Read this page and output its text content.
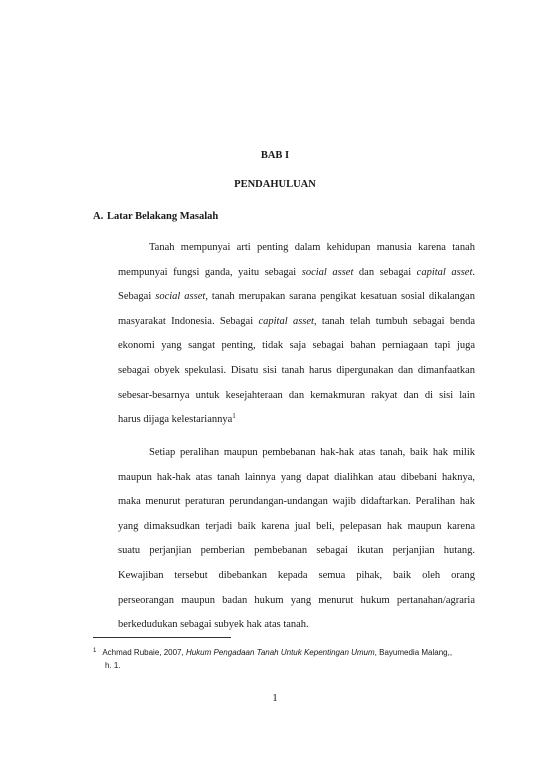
BAB I
PENDAHULUAN
A. Latar Belakang Masalah
Tanah mempunyai arti penting dalam kehidupan manusia karena tanah
mempunyai fungsi ganda, yaitu sebagai social asset dan sebagai capital asset.
Sebagai social asset, tanah merupakan sarana pengikat kesatuan sosial dikalangan
masyarakat Indonesia. Sebagai capital asset, tanah telah tumbuh sebagai benda
ekonomi yang sangat penting, tidak saja sebagai bahan perniagaan tapi juga
sebagai obyek spekulasi. Disatu sisi tanah harus dipergunakan dan dimanfaatkan
sebesar-besarnya untuk kesejahteraan dan kemakmuran rakyat dan di sisi lain
harus dijaga kelestariannya$^1$
Setiap peralihan maupun pembebanan hak-hak atas tanah, baik hak milik
maupun hak-hak atas tanah lainnya yang dapat dialihkan atau dibebani haknya,
maka menurut peraturan perundangan-undangan wajib didaftarkan. Peralihan hak
yang dimaksudkan terjadi baik karena jual beli, pelepasan hak maupun karena
suatu perjanjian pemberian pembebanan sebagai ikutan perjanjian hutang.
Kewajiban tersebut dibebankan kepada semua pihak, baik oleh orang
perseorangan maupun badan hukum yang menurut hukum pertanahan/agraria
berkedudukan sebagai subyek hak atas tanah.
$^1$ Achmad Rubaie, 2007, Hukum Pengadaan Tanah Untuk Kepentingan Umum, Bayumedia Malang,,
h. 1.
1
